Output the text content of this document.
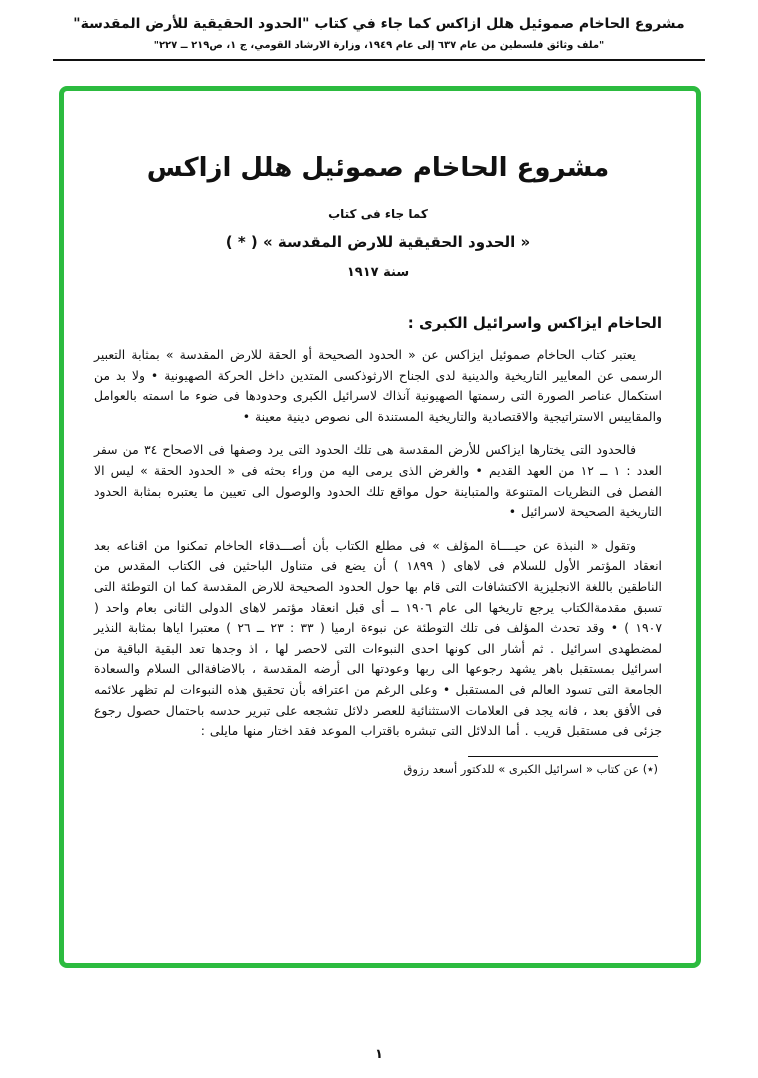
مشروع الحاخام صموئيل هلل ازاكس كما جاء في كتاب "الحدود الحقيقية للأرض المقدسة"
"ملف وثائق فلسطين من عام ٦٣٧ إلى عام ١٩٤٩، وزارة الارشاد القومي، ج ١، ص٢١٩ ــ ٢٢٧"
مشروع الحاخام صموئيل هلل ازاكس
كما جاء فى كتاب
« الحدود الحقيقية للارض المقدسة » ( * )
سنة ١٩١٧
الحاخام ايزاكس واسرائيل الكبرى :

يعتبر كتاب الحاخام صموئيل ايزاكس عن « الحدود الصحيحة أو الحقة للارض المقدسة » بمثابة التعبير الرسمى عن المعايير التاريخية والدينية لدى الجناح الارثوذكسى المتدين داخل الحركة الصهيونية • ولا بد من استكمال عناصر الصورة التى رسمتها الصهيونية آنذاك لاسرائيل الكبرى وحدودها فى ضوء ما اسمته بالعوامل والمقاييس الاستراتيجية والاقتصادية والتاريخية المستندة الى نصوص دينية معينة •

فالحدود التى يختارها ايزاكس للأرض المقدسة هى تلك الحدود التى يرد وصفها فى الاصحاح ٣٤ من سفر العدد : ١ ــ ١٢ من العهد القديم • والغرض الذى يرمى اليه من وراء بحثه فى « الحدود الحقة » ليس الا الفصل فى النظريات المتنوعة والمتباينة حول مواقع تلك الحدود والوصول الى تعيين ما يعتبره بمثابة الحدود التاريخية الصحيحة لاسرائيل •

وتقول « النبذة عن حيــــاة المؤلف » فى مطلع الكتاب بأن أصـــدقاء الحاخام تمكنوا من اقناعه بعد انعقاد المؤتمر الأول للسلام فى لاهاى ( ١٨٩٩ ) أن يضع فى متناول الباحثين فى الكتاب المقدس من الناطقين باللغة الانجليزية الاكتشافات التى قام بها حول الحدود الصحيحة للارض المقدسة كما ان التوطئة التى تسبق مقدمةالكتاب يرجع تاريخها الى عام ١٩٠٦ ــ أى قبل انعقاد مؤتمر لاهاى الدولى الثانى بعام واحد ( ١٩٠٧ ) • وقد تحدث المؤلف فى تلك التوطئة عن نبوءة ارميا ( ٣٣ : ٢٣ ــ ٢٦ ) معتبرا اياها بمثابة النذير لمضطهدى اسرائيل . ثم أشار الى كونها احدى النبوءات التى لاحصر لها ، اذ وجدها تعد البقية الباقية من اسرائيل بمستقبل باهر يشهد رجوعها الى ربها وعودتها الى أرضه المقدسة ، بالاضافةالى السلام والسعادة الجامعة التى تسود العالم فى المستقبل • وعلى الرغم من اعترافه بأن تحقيق هذه النبوءات لم تظهر علائمه فى الأفق بعد ، فانه يجد فى العلامات الاستثنائية للعصر دلائل تشجعه على تبرير حدسه باحتمال حصول رجوع جزئى فى مستقبل قريب . أما الدلائل التى تبشره باقتراب الموعد فقد اختار منها مايلى :

(٭) عن كتاب « اسرائيل الكبرى » للدكتور أسعد رزوق
١
